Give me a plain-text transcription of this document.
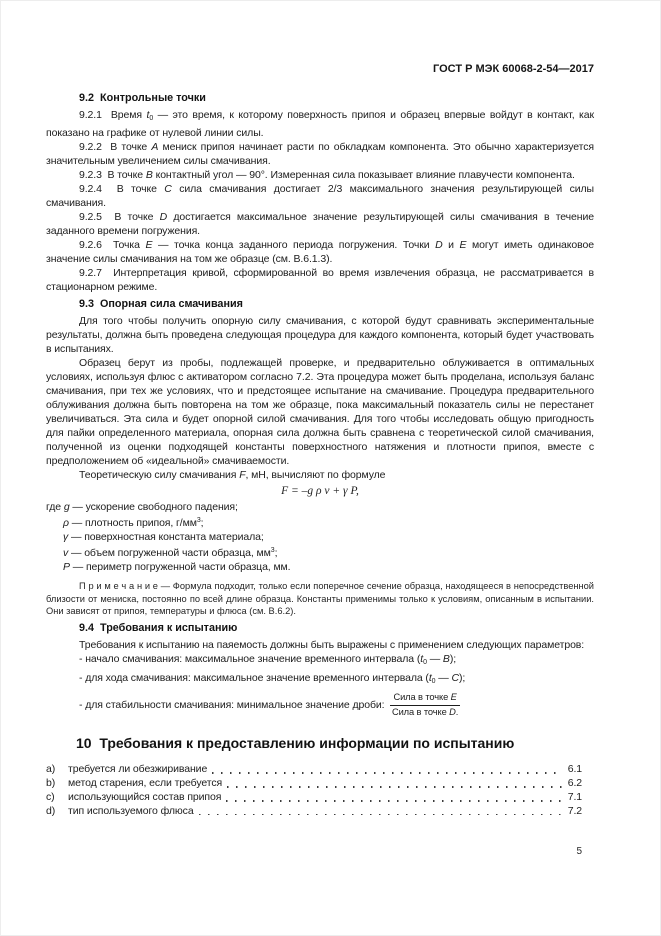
ГОСТ Р МЭК 60068-2-54—2017
9.2  Контрольные точки

9.2.1  Время $t_0$ — это время, к которому поверхность припоя и образец впервые войдут в контакт, как показано на графике от нулевой линии силы.

9.2.2  В точке A мениск припоя начинает расти по обкладкам компонента. Это обычно характеризуется значительным увеличением силы смачивания.

9.2.3  В точке B контактный угол — 90°. Измеренная сила показывает влияние плавучести компонента.

9.2.4  В точке C сила смачивания достигает 2/3 максимального значения результирующей силы смачивания.

9.2.5  В точке D достигается максимальное значение результирующей силы смачивания в течение заданного времени погружения.

9.2.6  Точка E — точка конца заданного периода погружения. Точки D и E могут иметь одинаковое значение силы смачивания на том же образце (см. В.6.1.3).

9.2.7  Интерпретация кривой, сформированной во время извлечения образца, не рассматривается в стационарном режиме.

9.3  Опорная сила смачивания

Для того чтобы получить опорную силу смачивания, с которой будут сравнивать экспериментальные результаты, должна быть проведена следующая процедура для каждого компонента, который будет участвовать в испытаниях.

Образец берут из пробы, подлежащей проверке, и предварительно облуживается в оптимальных условиях, используя флюс с активатором согласно 7.2. Эта процедура может быть проделана, используя баланс смачивания, при тех же условиях, что и предстоящее испытание на смачивание. Процедура предварительного облуживания должна быть повторена на том же образце, пока максимальный показатель силы не перестанет увеличиваться. Эта сила и будет опорной силой смачивания. Для того чтобы исследовать общую пригодность для пайки определенного материала, опорная сила должна быть сравнена с теоретической силой смачивания, полученной из оценки подходящей константы поверхностного натяжения и плотности припоя, вместе с предположением об «идеальной» смачиваемости.

Теоретическую силу смачивания F, мН, вычисляют по формуле

F = –g ρ v + γ P,

где g — ускорение свободного падения;

ρ — плотность припоя, $г/мм^3$;

γ — поверхностная константа материала;

v — объем погруженной части образца, $мм^3$;

P — периметр погруженной части образца, мм.

П р и м е ч а н и е — Формула подходит, только если поперечное сечение образца, находящееся в непосредственной близости от мениска, постоянно по всей длине образца. Константы применимы только к условиям, описанным в испытании. Они зависят от припоя, температуры и флюса (см. В.6.2).

9.4  Требования к испытанию

Требования к испытанию на паяемость должны быть выражены с применением следующих параметров:

- начало смачивания: максимальное значение временного интервала ($t_0$ — B);

- для хода смачивания: максимальное значение временного интервала ($t_0$ — C);

- для стабильности смачивания: минимальное значение дроби: $\frac{\text{Сила в точке E}}{\text{Сила в точке D.}}$

10  Требования к предоставлению информации по испытанию
a)	требуется ли обезжиривание	6.1
b)	метод старения, если требуется	6.2
c)	использующийся состав припоя	7.1
d)	тип используемого флюса	7.2
5
